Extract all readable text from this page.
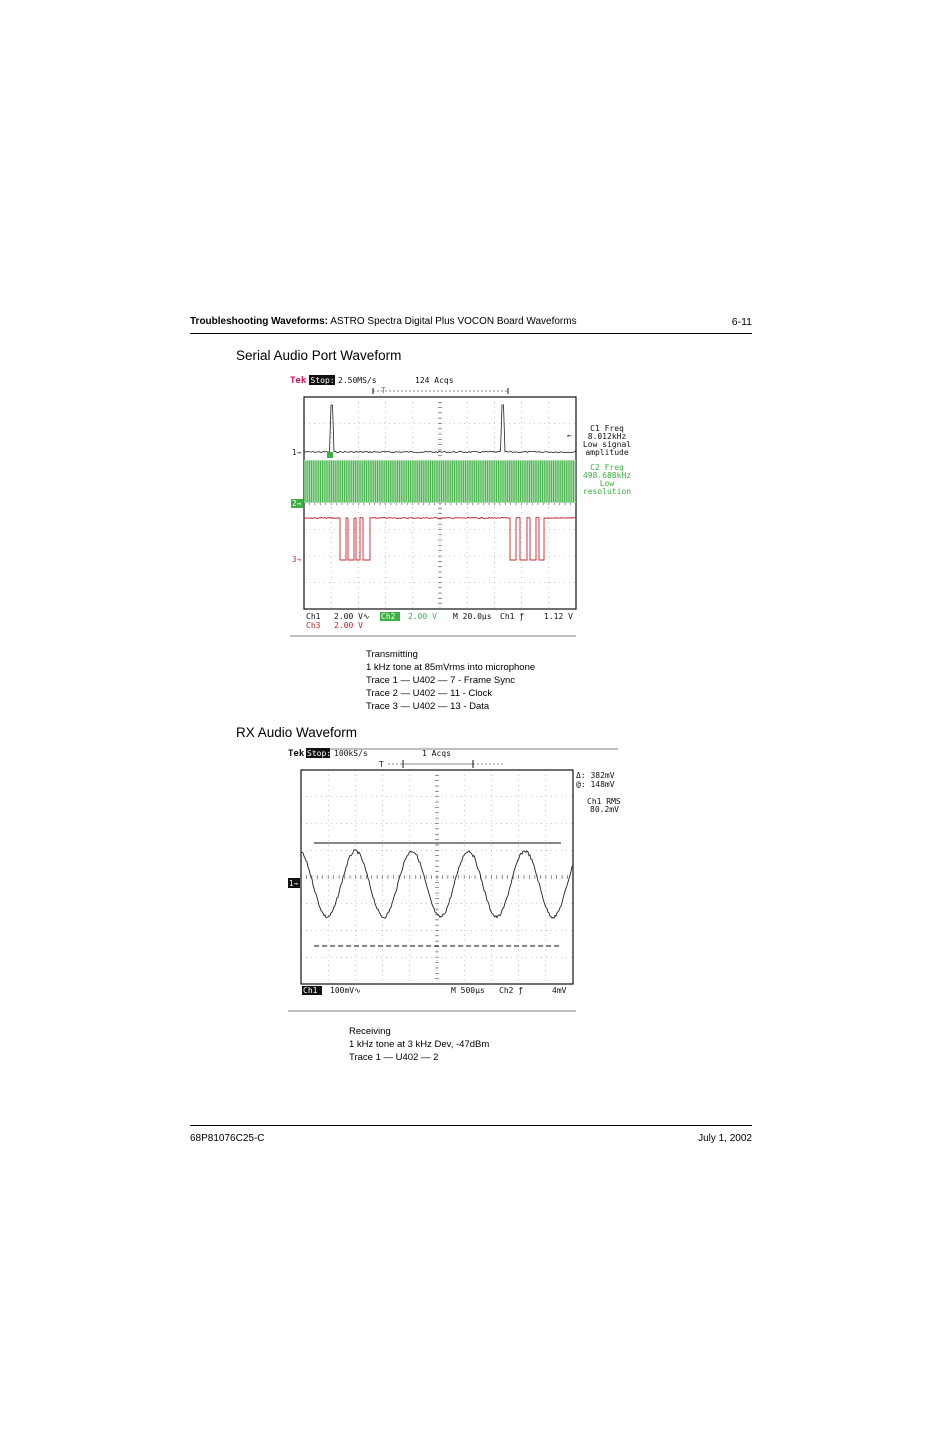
Troubleshooting Waveforms: ASTRO Spectra Digital Plus VOCON Board Waveforms	6-11
Serial Audio Port Waveform
Tek Stop: 2.50MS/s	124 Acqs
T
1→
2→
3→
←
C1 Freq
8.012kHz
Low signal
amplitude
C2 Freq
498.688kHz
Low
resolution
Ch1 2.00 V∿ Ch2 2.00 V M 20.0µs Ch1 ƒ 1.12 V
Ch3 2.00 V
Transmitting
1 kHz tone at 85mVrms into microphone
Trace 1 — U402 — 7 - Frame Sync
Trace 2 — U402 — 11 - Clock
Trace 3 — U402 — 13 - Data
RX Audio Waveform
Tek Stop: 100kS/s	1 Acqs
T
1→
Δ: 382mV
@: 148mV
Ch1 RMS
80.2mV
Ch1 100mV∿	M 500µs Ch2 ƒ	4mV
Receiving
1 kHz tone at 3 kHz Dev, -47dBm
Trace 1 — U402 — 2
68P81076C25-C	July 1, 2002
